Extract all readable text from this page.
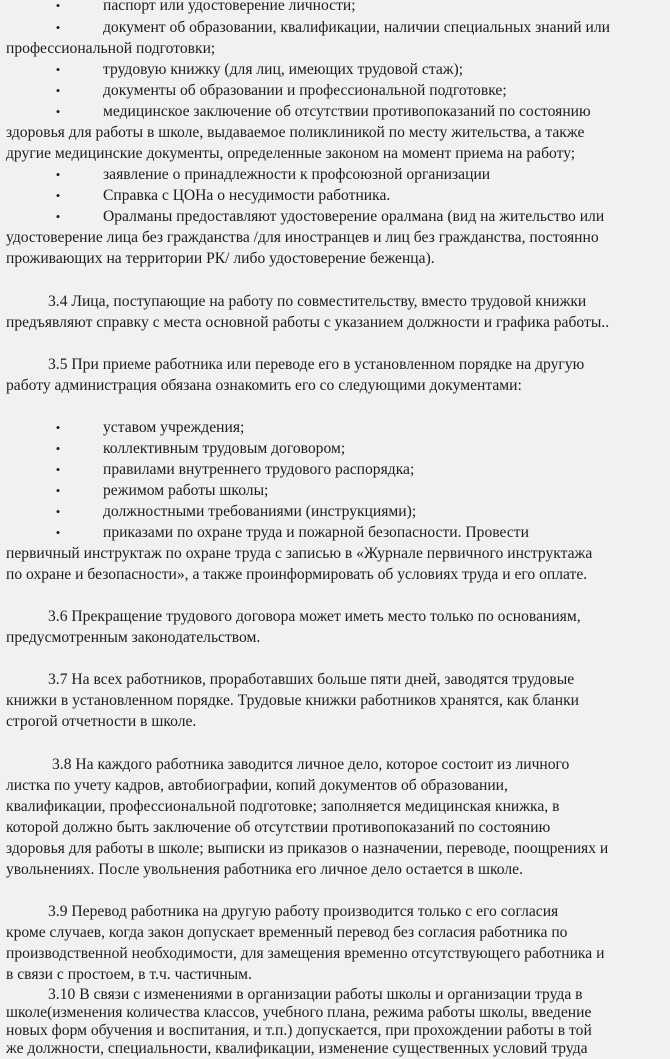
•	паспорт или удостоверение личности;
•	документ об образовании, квалификации, наличии специальных знаний или
профессиональной подготовки;
•	трудовую книжку (для лиц, имеющих трудовой стаж);
•	документы об образовании и профессиональной подготовке;
•	медицинское заключение об отсутствии противопоказаний по состоянию
здоровья для работы в школе, выдаваемое поликлиникой по месту жительства, а также
другие медицинские документы, определенные законом на момент приема на работу;
•	заявление о принадлежности к профсоюзной организации
•	Справка с ЦОНа о несудимости работника.
•	Оралманы предоставляют удостоверение оралмана (вид на жительство или
удостоверение лица без гражданства /для иностранцев и лиц без гражданства, постоянно
проживающих на территории РК/ либо удостоверение беженца).
3.4 Лица, поступающие на работу по совместительству, вместо трудовой книжки
предъявляют справку с места основной работы с указанием должности и графика работы..
3.5 При приеме работника или переводе его в установленном порядке на другую
работу администрация обязана ознакомить его со следующими документами:
•	уставом учреждения;
•	коллективным трудовым договором;
•	правилами внутреннего трудового распорядка;
•	режимом работы школы;
•	должностными требованиями (инструкциями);
•	приказами по охране труда и пожарной безопасности. Провести
первичный инструктаж по охране труда с записью в «Журнале первичного инструктажа
по охране и безопасности», а также проинформировать об условиях труда и его оплате.
3.6 Прекращение трудового договора может иметь место только по основаниям,
предусмотренным законодательством.
3.7 На всех работников, проработавших больше пяти дней, заводятся трудовые
книжки в установленном порядке. Трудовые книжки работников хранятся, как бланки
строгой отчетности в школе.
3.8 На каждого работника заводится личное дело, которое состоит из личного
листка по учету кадров, автобиографии, копий документов об образовании,
квалификации, профессиональной подготовке; заполняется медицинская книжка, в
которой должно быть заключение об отсутствии противопоказаний по состоянию
здоровья для работы в школе; выписки из приказов о назначении, переводе, поощрениях и
увольнениях. После увольнения работника его личное дело остается в школе.
3.9 Перевод работника на другую работу производится только с его согласия
кроме случаев, когда закон допускает временный перевод без согласия работника по
производственной необходимости, для замещения временно отсутствующего работника и
в связи с простоем, в т.ч. частичным.
3.10 В связи с изменениями в организации работы школы и организации труда в
школе(изменения количества классов, учебного плана, режима работы школы, введение
новых форм обучения и воспитания, и т.п.) допускается, при прохождении работы в той
же должности, специальности, квалификации, изменение существенных условий труда
